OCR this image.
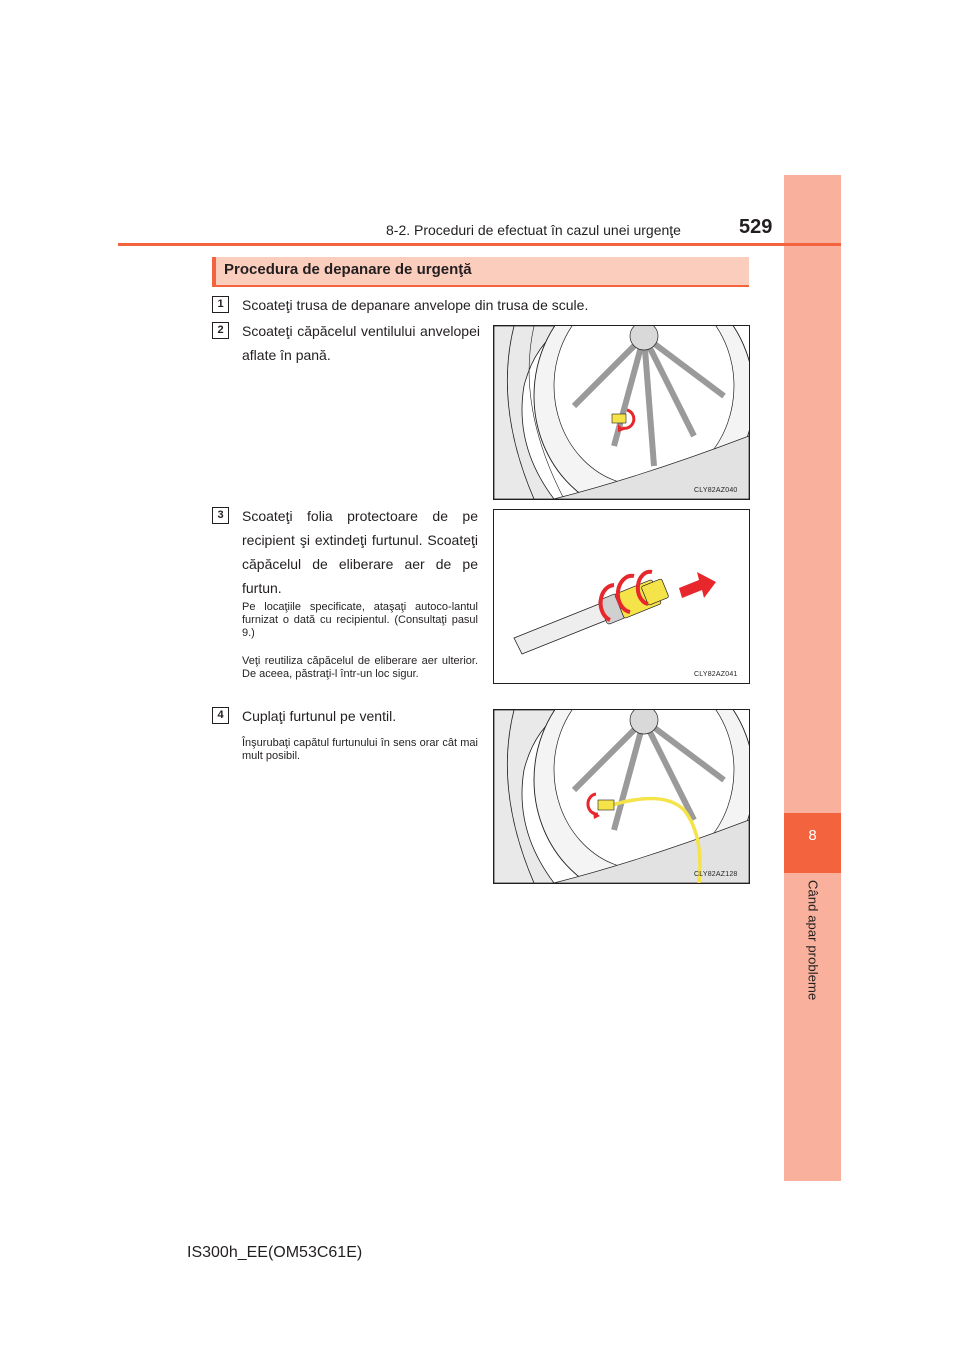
8
Când apar probleme
8-2. Proceduri de efectuat în cazul unei urgenţe	529
Procedura de depanare de urgenţă
1	Scoateţi trusa de depanare anvelope din trusa de scule.
2	Scoateţi căpăcelul ventilului anvelopei aflate în pană.
CLY82AZ040
3	Scoateţi folia protectoare de pe recipient şi extindeţi furtunul. Scoateţi căpăcelul de eliberare aer de pe furtun.
Pe locaţiile specificate, ataşaţi autoco-lantul furnizat o dată cu recipientul. (Consultaţi pasul 9.)
Veţi reutiliza căpăcelul de eliberare aer ulterior. De aceea, păstraţi-l într-un loc sigur.	CLY82AZ041
4	Cuplaţi furtunul pe ventil.
Înşurubaţi capătul furtunului în sens orar cât mai mult posibil.
CLY82AZ128
IS300h_EE(OM53C61E)
